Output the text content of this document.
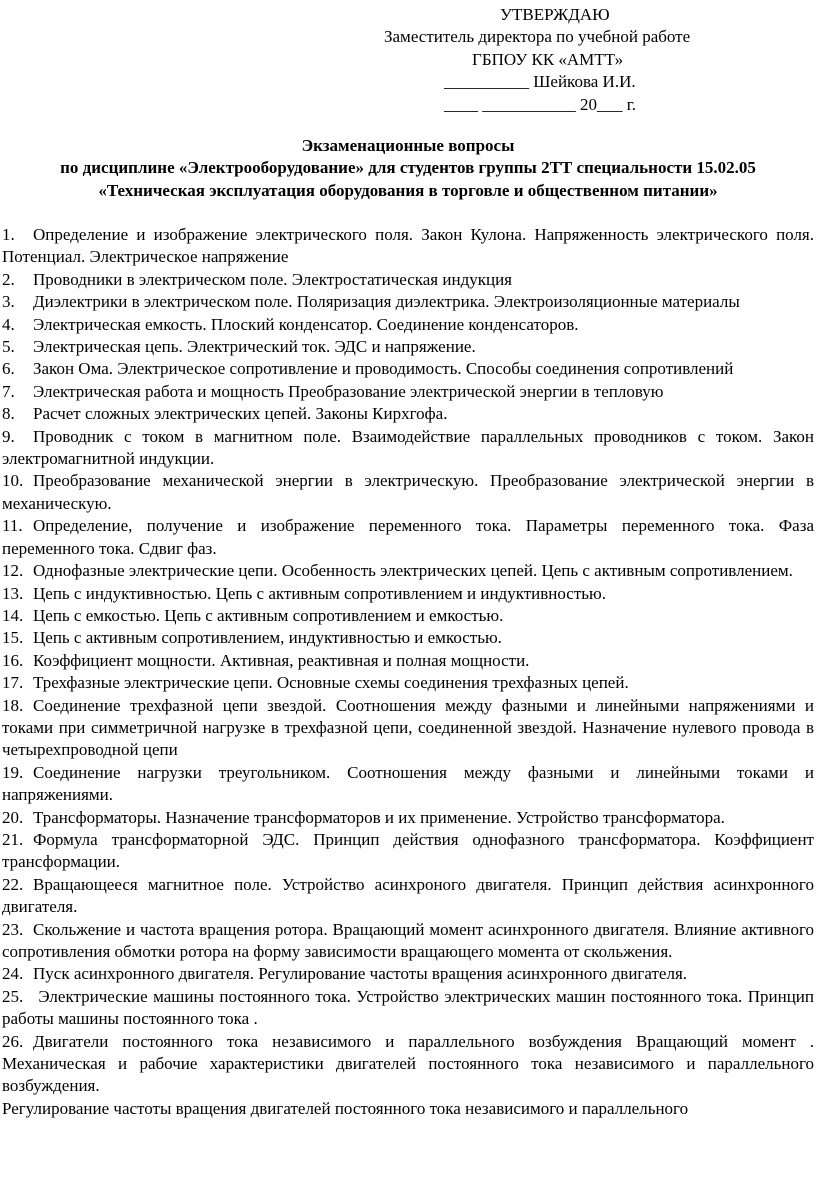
УТВЕРЖДАЮ
Заместитель директора по учебной работе
ГБПОУ КК «АМТТ»
__________ Шейкова И.И.
____ ___________ 20___ г.
Экзаменационные вопросы
по дисциплине «Электрооборудование» для студентов группы 2ТТ специальности 15.02.05
«Техническая эксплуатация оборудования в торговле и общественном питании»
1. Определение и изображение электрического поля. Закон Кулона. Напряженность электрического поля. Потенциал. Электрическое напряжение
2. Проводники в электрическом поле. Электростатическая индукция
3. Диэлектрики в электрическом поле. Поляризация диэлектрика. Электроизоляционные материалы
4. Электрическая емкость. Плоский конденсатор. Соединение конденсаторов.
5. Электрическая цепь. Электрический ток. ЭДС и напряжение.
6. Закон Ома. Электрическое сопротивление и проводимость. Способы соединения сопротивлений
7. Электрическая работа и мощность Преобразование электрической энергии в тепловую
8. Расчет сложных электрических цепей. Законы Кирхгофа.
9. Проводник с током в магнитном поле. Взаимодействие параллельных проводников с током. Закон электромагнитной индукции.
10. Преобразование механической энергии в электрическую. Преобразование электрической энергии в механическую.
11. Определение, получение и изображение переменного тока. Параметры переменного тока. Фаза переменного тока. Сдвиг фаз.
12. Однофазные электрические цепи. Особенность электрических цепей. Цепь с активным сопротивлением.
13. Цепь с индуктивностью. Цепь с активным сопротивлением и индуктивностью.
14. Цепь с емкостью. Цепь с активным сопротивлением и емкостью.
15. Цепь с активным сопротивлением, индуктивностью и емкостью.
16. Коэффициент мощности. Активная, реактивная и полная мощности.
17. Трехфазные электрические цепи. Основные схемы соединения трехфазных цепей.
18. Соединение трехфазной цепи звездой. Соотношения между фазными и линейными напряжениями и токами при симметричной нагрузке в трехфазной цепи, соединенной звездой. Назначение нулевого провода в четырехпроводной цепи
19. Соединение нагрузки треугольником. Соотношения между фазными и линейными токами и напряжениями.
20. Трансформаторы. Назначение трансформаторов и их применение. Устройство трансформатора.
21. Формула трансформаторной ЭДС. Принцип действия однофазного трансформатора. Коэффициент трансформации.
22. Вращающееся магнитное поле. Устройство асинхроного двигателя. Принцип действия асинхронного двигателя.
23. Скольжение и частота вращения ротора. Вращающий момент асинхронного двигателя. Влияние активного сопротивления обмотки ротора на форму зависимости вращающего момента от скольжения.
24. Пуск асинхронного двигателя. Регулирование частоты вращения асинхронного двигателя.
25. Электрические машины постоянного тока. Устройство электрических машин постоянного тока. Принцип работы машины постоянного тока .
26. Двигатели постоянного тока независимого и параллельного возбуждения Вращающий момент . Механическая и рабочие характеристики двигателей постоянного тока независимого и параллельного возбуждения.
Регулирование частоты вращения двигателей постоянного тока независимого и параллельного
